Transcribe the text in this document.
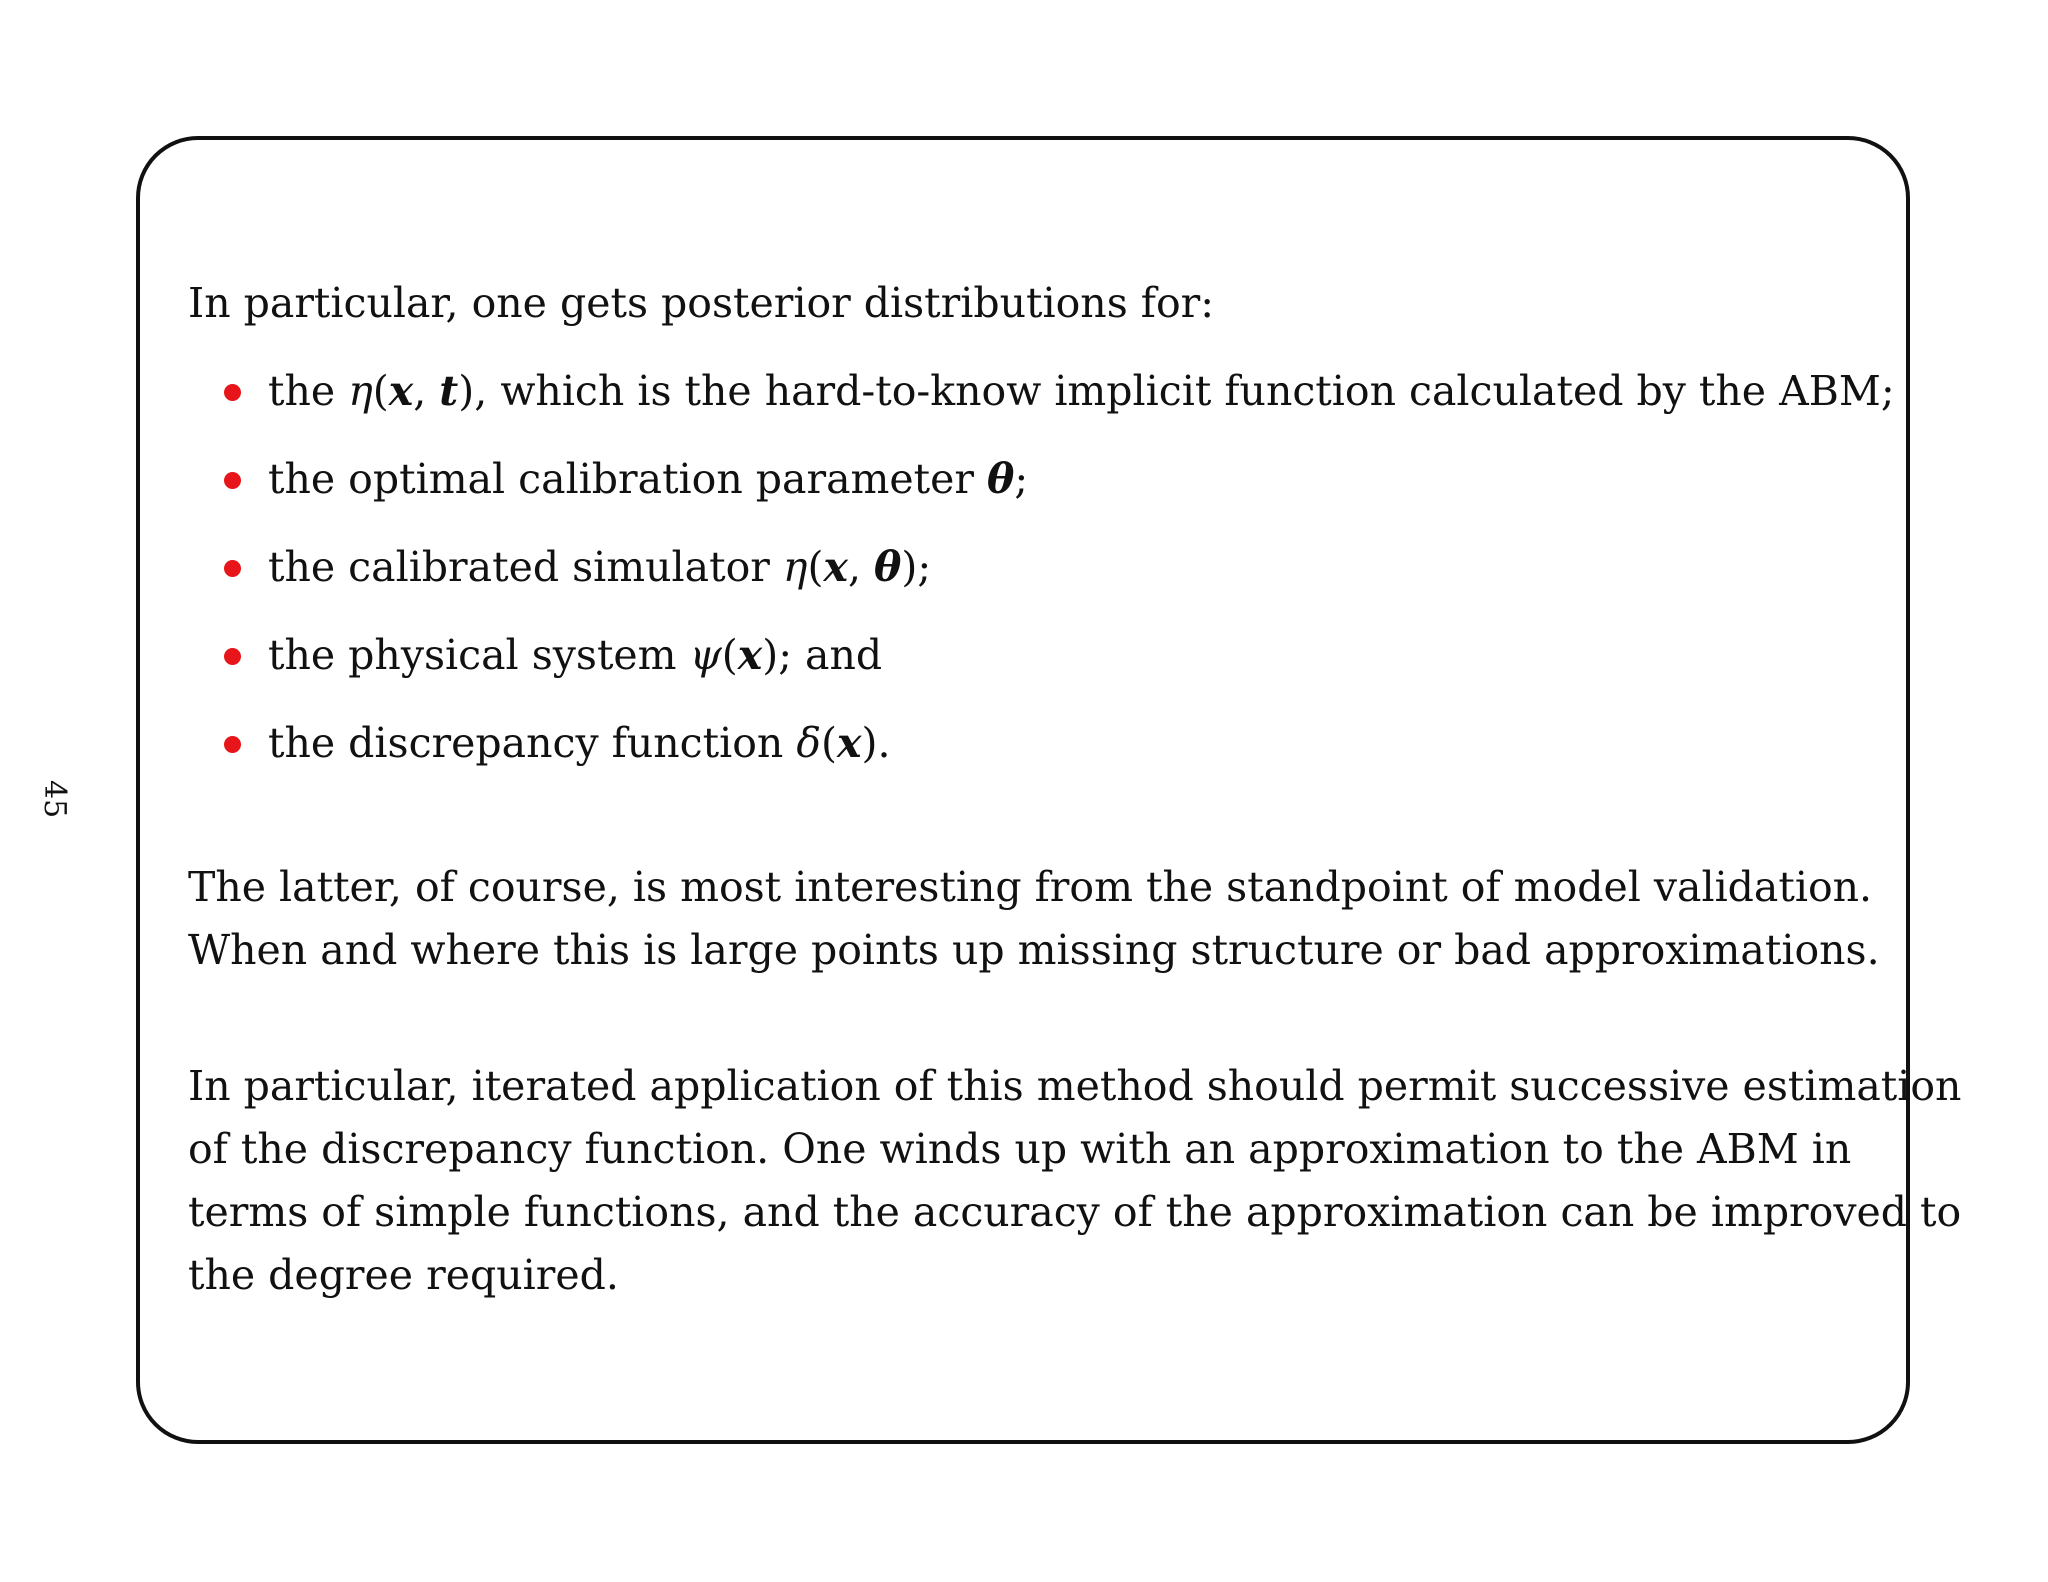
45
In particular, one gets posterior distributions for:
the η(x, t), which is the hard-to-know implicit function calculated by the ABM;
the optimal calibration parameter θ;
the calibrated simulator η(x, θ);
the physical system ψ(x); and
the discrepancy function δ(x).
The latter, of course, is most interesting from the standpoint of model validation.
When and where this is large points up missing structure or bad approximations.
In particular, iterated application of this method should permit successive estimation
of the discrepancy function. One winds up with an approximation to the ABM in
terms of simple functions, and the accuracy of the approximation can be improved to
the degree required.
